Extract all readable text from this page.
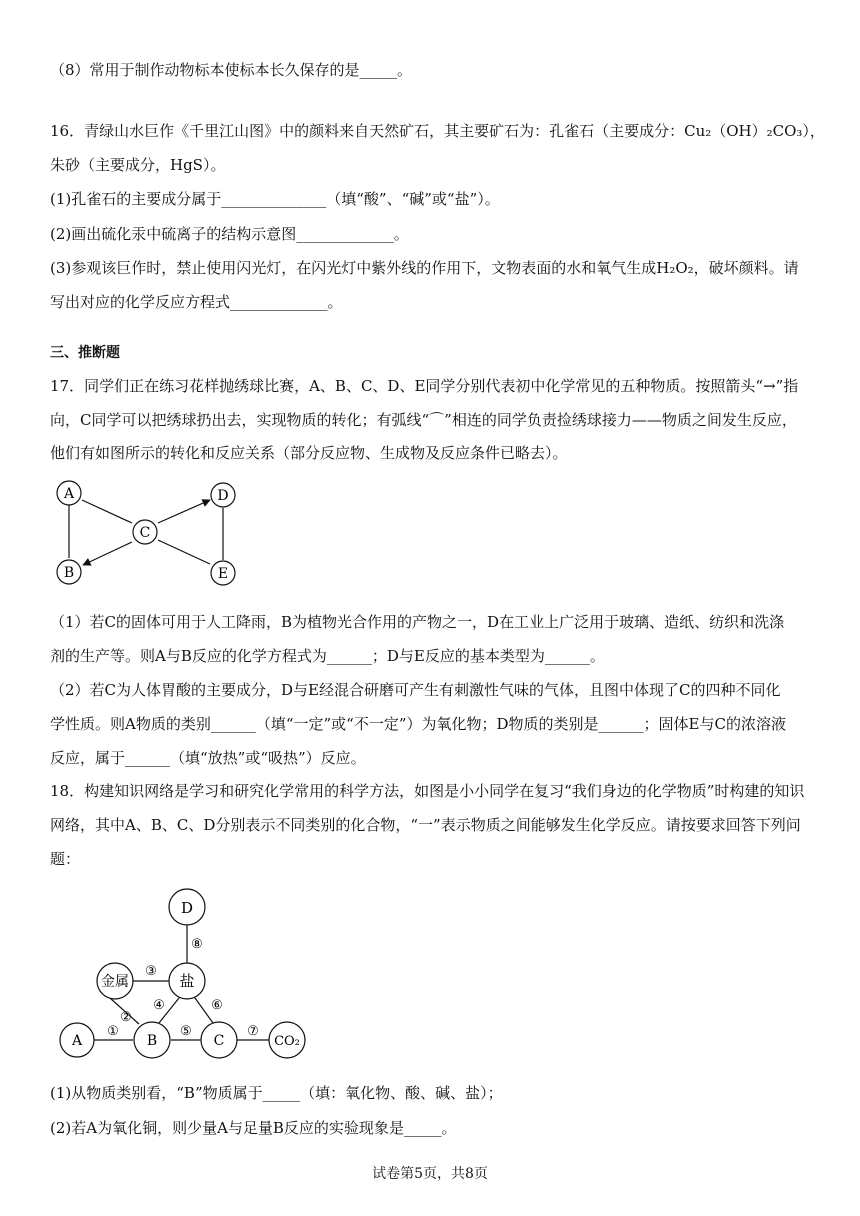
（8）常用于制作动物标本使标本长久保存的是_____。
16．青绿山水巨作《千里江山图》中的颜料来自天然矿石，其主要矿石为：孔雀石（主要成分：Cu₂（OH）₂CO₃），
朱砂（主要成分，HgS）。
(1)孔雀石的主要成分属于______________（填“酸”、“碱”或“盐”）。
(2)画出硫化汞中硫离子的结构示意图_____________。
(3)参观该巨作时，禁止使用闪光灯，在闪光灯中紫外线的作用下，文物表面的水和氧气生成H₂O₂，破坏颜料。请
写出对应的化学反应方程式_____________。
三、推断题
17．同学们正在练习花样抛绣球比赛，A、B、C、D、E同学分别代表初中化学常见的五种物质。按照箭头“→”指
向，C同学可以把绣球扔出去，实现物质的转化；有弧线“⌒”相连的同学负责捡绣球接力——物质之间发生反应，
他们有如图所示的转化和反应关系（部分反应物、生成物及反应条件已略去）。
A
B
C
D
E
（1）若C的固体可用于人工降雨，B为植物光合作用的产物之一，D在工业上广泛用于玻璃、造纸、纺织和洗涤
剂的生产等。则A与B反应的化学方程式为______；D与E反应的基本类型为______。
（2）若C为人体胃酸的主要成分，D与E经混合研磨可产生有刺激性气味的气体，且图中体现了C的四种不同化
学性质。则A物质的类别______（填“一定”或“不一定”）为氧化物；D物质的类别是______；固体E与C的浓溶液
反应，属于______（填“放热”或“吸热”）反应。
18．构建知识网络是学习和研究化学常用的科学方法，如图是小小同学在复习“我们身边的化学物质”时构建的知识
网络，其中A、B、C、D分别表示不同类别的化合物，“一”表示物质之间能够发生化学反应。请按要求回答下列问
题：
D
金属	盐
A	B	C	CO₂
①
②
③
④
⑤
⑥
⑦
⑧
(1)从物质类别看，“B”物质属于_____（填：氧化物、酸、碱、盐）；
(2)若A为氧化铜，则少量A与足量B反应的实验现象是_____。
试卷第5页，共8页
